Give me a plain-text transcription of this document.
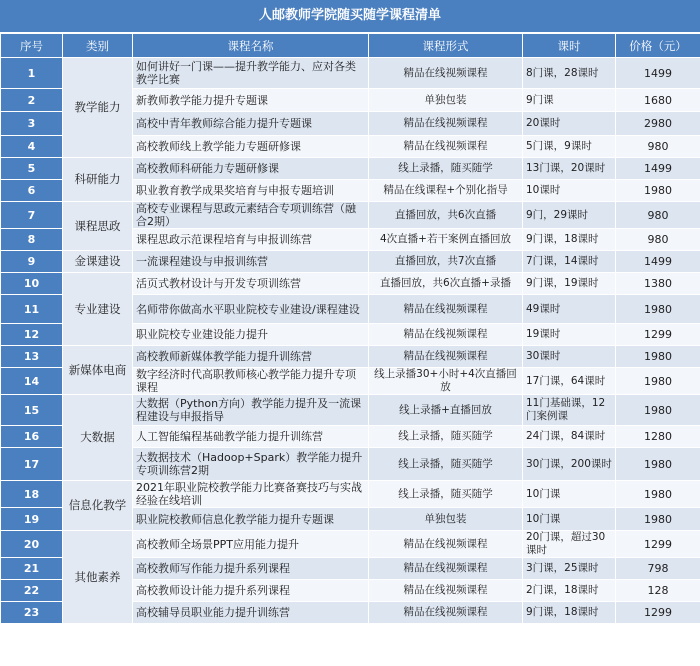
人邮教师学院随买随学课程清单
序号	类别	课程名称	课程形式	课时	价格（元）
1	教学能力	如何讲好一门课——提升教学能力、应对各类教学比赛	精品在线视频课程	8门课，28课时	1499
2		新教师教学能力提升专题课	单独包装	9门课	1680
3		高校中青年教师综合能力提升专题课	精品在线视频课程	20课时	2980
4		高校教师线上教学能力专题研修课	精品在线视频课程	5门课，9课时	980
5	科研能力	高校教师科研能力专题研修课	线上录播，随买随学	13门课，20课时	1499
6		职业教育教学成果奖培育与申报专题培训	精品在线课程+个别化指导	10课时	1980
7	课程思政	高校专业课程与思政元素结合专项训练营（融合2期）	直播回放，共6次直播	9门，29课时	980
8		课程思政示范课程培育与申报训练营	4次直播+若干案例直播回放	9门课，18课时	980
9	金课建设	一流课程建设与申报训练营	直播回放，共7次直播	7门课，14课时	1499
10	专业建设	活页式教材设计与开发专项训练营	直播回放，共6次直播+录播	9门课，19课时	1380
11		名师带你做高水平职业院校专业建设/课程建设	精品在线视频课程	49课时	1980
12		职业院校专业建设能力提升	精品在线视频课程	19课时	1299
13	新媒体电商	高校教师新媒体教学能力提升训练营	精品在线视频课程	30课时	1980
14		数字经济时代高职教师核心教学能力提升专项课程	线上录播30+小时+4次直播回放	17门课，64课时	1980
15	大数据	大数据（Python方向）教学能力提升及一流课程建设与申报指导	线上录播+直播回放	11门基础课，12门案例课	1980
16		人工智能编程基础教学能力提升训练营	线上录播，随买随学	24门课，84课时	1280
17		大数据技术（Hadoop+Spark）教学能力提升专项训练营2期	线上录播，随买随学	30门课，200课时	1980
18	信息化教学	2021年职业院校教学能力比赛备赛技巧与实战经验在线培训	线上录播，随买随学	10门课	1980
19		职业院校教师信息化教学能力提升专题课	单独包装	10门课	1980
20	其他素养	高校教师全场景PPT应用能力提升	精品在线视频课程	20门课，超过30课时	1299
21		高校教师写作能力提升系列课程	精品在线视频课程	3门课，25课时	798
22		高校教师设计能力提升系列课程	精品在线视频课程	2门课，18课时	128
23		高校辅导员职业能力提升训练营	精品在线视频课程	9门课，18课时	1299
